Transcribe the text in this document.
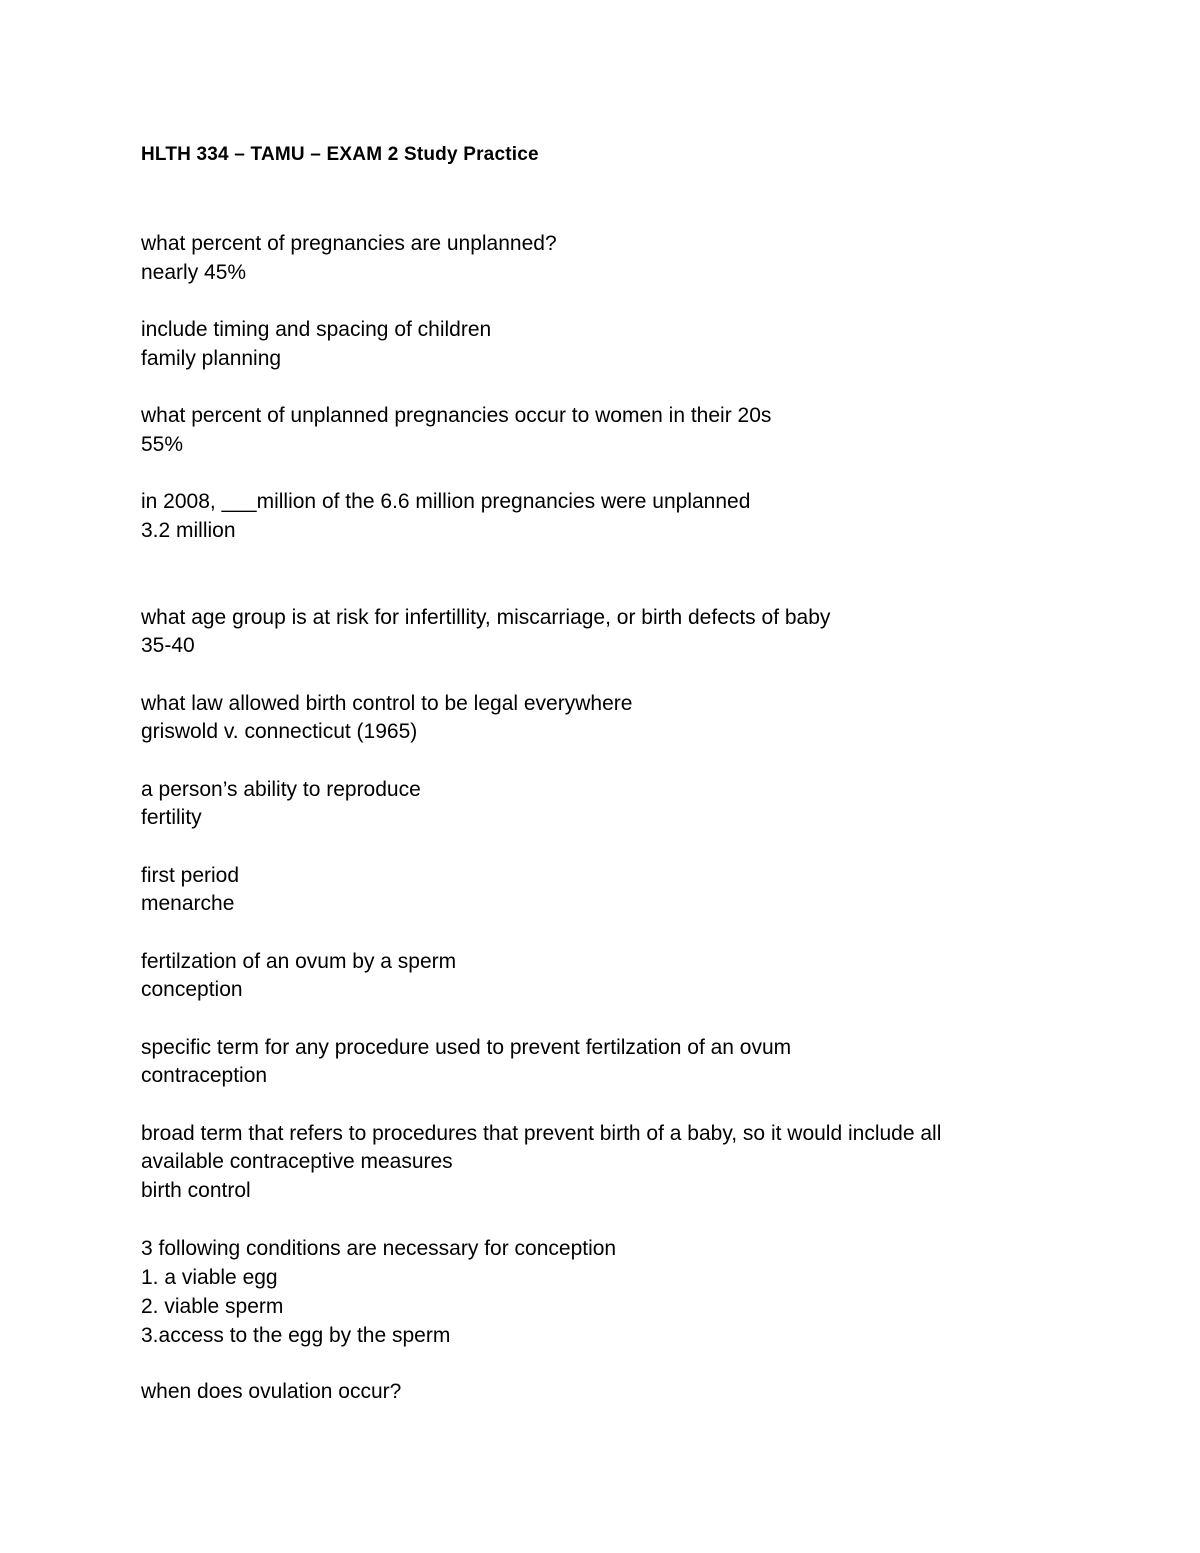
HLTH 334 – TAMU – EXAM 2 Study Practice
what percent of pregnancies are unplanned?
nearly 45%
include timing and spacing of children
family planning
what percent of unplanned pregnancies occur to women in their 20s
55%
in 2008, ___million of the 6.6 million pregnancies were unplanned
3.2 million
what age group is at risk for infertillity, miscarriage, or birth defects of baby
35-40
what law allowed birth control to be legal everywhere
griswold v. connecticut (1965)
a person’s ability to reproduce
fertility
first period
menarche
fertilzation of an ovum by a sperm
conception
specific term for any procedure used to prevent fertilzation of an ovum
contraception
broad term that refers to procedures that prevent birth of a baby, so it would include all
available contraceptive measures
birth control
3 following conditions are necessary for conception
1. a viable egg
2. viable sperm
3.access to the egg by the sperm
when does ovulation occur?
